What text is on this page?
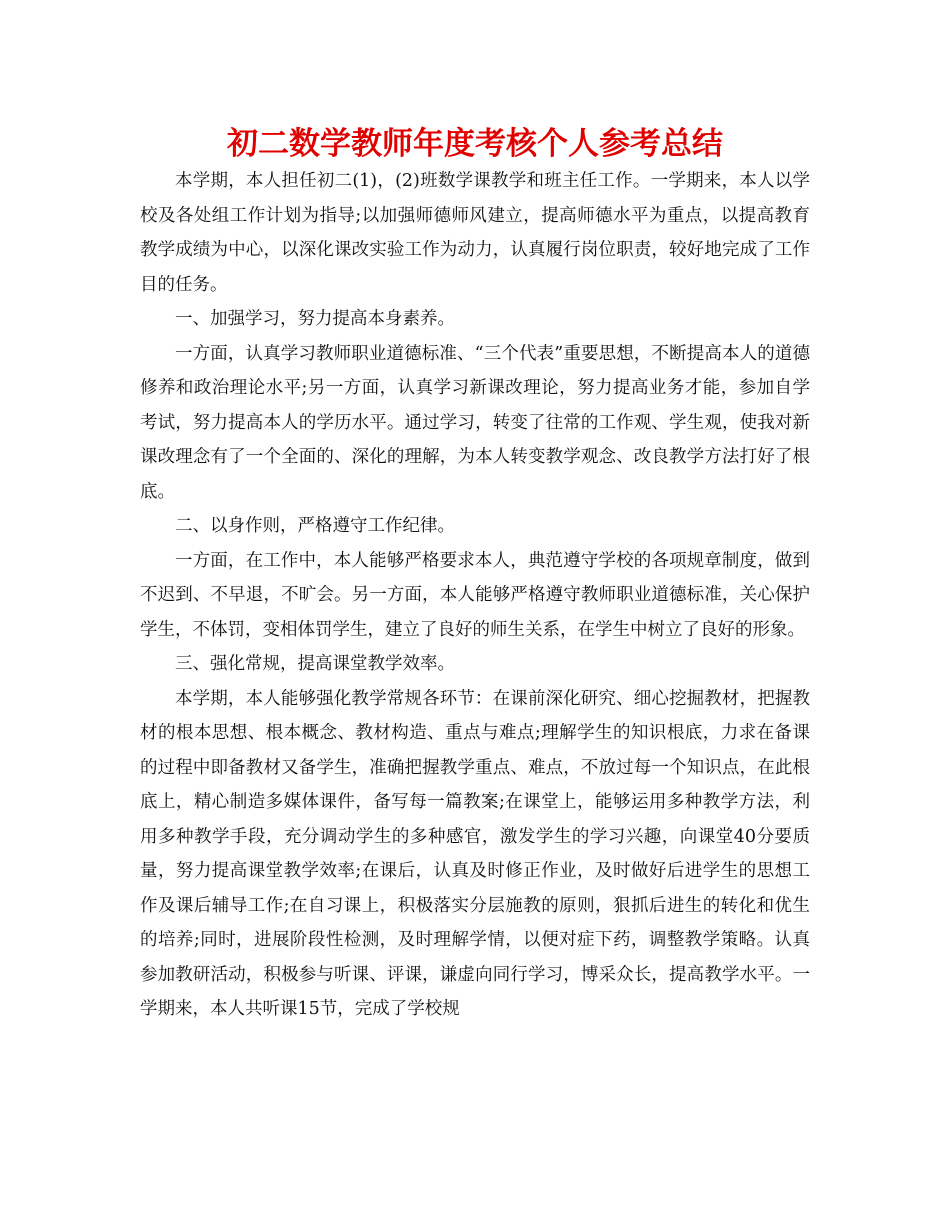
初二数学教师年度考核个人参考总结

本学期，本人担任初二(1)，(2)班数学课教学和班主任工作。一学期来，本人以学校及各处组工作计划为指导;以加强师德师风建立，提高师德水平为重点，以提高教育教学成绩为中心，以深化课改实验工作为动力，认真履行岗位职责，较好地完成了工作目的任务。

一、加强学习，努力提高本身素养。

一方面，认真学习教师职业道德标准、“三个代表”重要思想，不断提高本人的道德修养和政治理论水平;另一方面，认真学习新课改理论，努力提高业务才能，参加自学考试，努力提高本人的学历水平。通过学习，转变了往常的工作观、学生观，使我对新课改理念有了一个全面的、深化的理解，为本人转变教学观念、改良教学方法打好了根底。

二、以身作则，严格遵守工作纪律。

一方面，在工作中，本人能够严格要求本人，典范遵守学校的各项规章制度，做到不迟到、不早退，不旷会。另一方面，本人能够严格遵守教师职业道德标准，关心保护学生，不体罚，变相体罚学生，建立了良好的师生关系，在学生中树立了良好的形象。

三、强化常规，提高课堂教学效率。

本学期，本人能够强化教学常规各环节：在课前深化研究、细心挖掘教材，把握教材的根本思想、根本概念、教材构造、重点与难点;理解学生的知识根底，力求在备课的过程中即备教材又备学生，准确把握教学重点、难点，不放过每一个知识点，在此根底上，精心制造多媒体课件，备写每一篇教案;在课堂上，能够运用多种教学方法，利用多种教学手段，充分调动学生的多种感官，激发学生的学习兴趣，向课堂40分要质量，努力提高课堂教学效率;在课后，认真及时修正作业，及时做好后进学生的思想工作及课后辅导工作;在自习课上，积极落实分层施教的原则，狠抓后进生的转化和优生的培养;同时，进展阶段性检测，及时理解学情，以便对症下药，调整教学策略。认真参加教研活动，积极参与听课、评课，谦虚向同行学习，博采众长，提高教学水平。一学期来，本人共听课15节，完成了学校规
